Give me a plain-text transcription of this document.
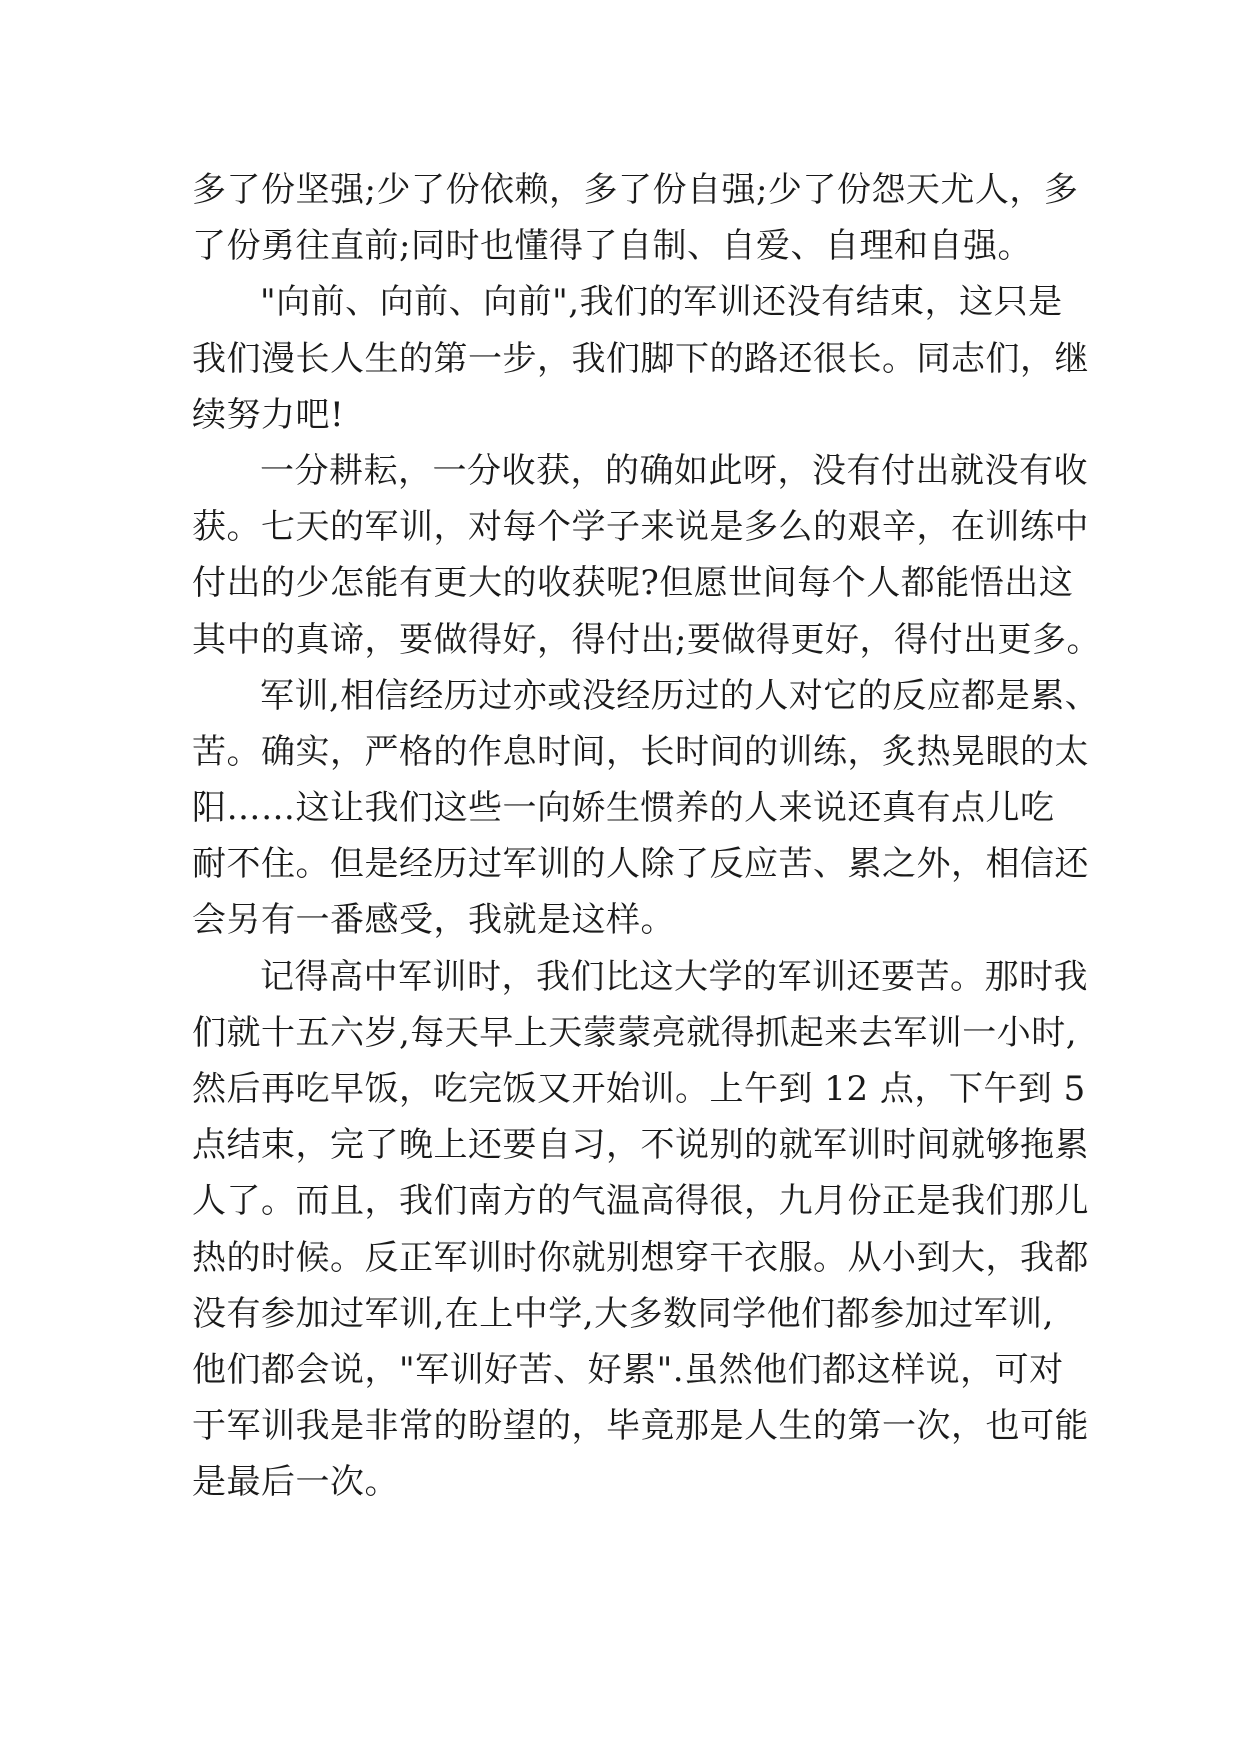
多了份坚强;少了份依赖，多了份自强;少了份怨天尤人，多
了份勇往直前;同时也懂得了自制、自爱、自理和自强。
"向前、向前、向前",我们的军训还没有结束，这只是
我们漫长人生的第一步，我们脚下的路还很长。同志们，继
续努力吧!
一分耕耘，一分收获，的确如此呀，没有付出就没有收
获。七天的军训，对每个学子来说是多么的艰辛，在训练中
付出的少怎能有更大的收获呢?但愿世间每个人都能悟出这
其中的真谛，要做得好，得付出;要做得更好，得付出更多。
军训,相信经历过亦或没经历过的人对它的反应都是累、
苦。确实，严格的作息时间，长时间的训练，炙热晃眼的太
阳……这让我们这些一向娇生惯养的人来说还真有点儿吃
耐不住。但是经历过军训的人除了反应苦、累之外，相信还
会另有一番感受，我就是这样。
记得高中军训时，我们比这大学的军训还要苦。那时我
们就十五六岁,每天早上天蒙蒙亮就得抓起来去军训一小时,
然后再吃早饭，吃完饭又开始训。上午到 12 点，下午到 5
点结束，完了晚上还要自习，不说别的就军训时间就够拖累
人了。而且，我们南方的气温高得很，九月份正是我们那儿
热的时候。反正军训时你就别想穿干衣服。从小到大，我都
没有参加过军训,在上中学,大多数同学他们都参加过军训,
他们都会说，"军训好苦、好累".虽然他们都这样说，可对
于军训我是非常的盼望的，毕竟那是人生的第一次，也可能
是最后一次。
